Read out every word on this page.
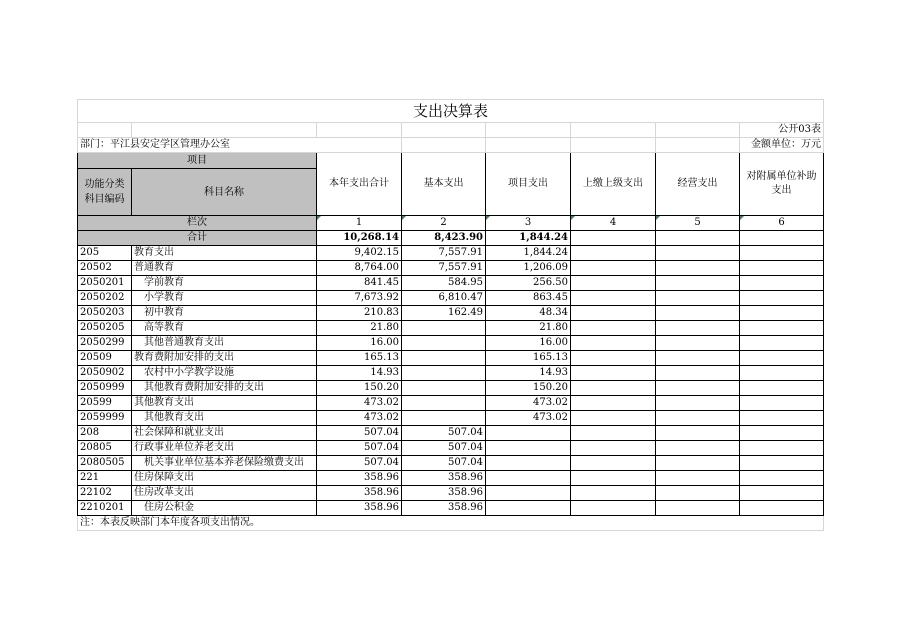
支出决算表							
							公开03表
部门：平江县安定学区管理办公室							金额单位：万元
项目		本年支出合计	基本支出	项目支出	上缴上级支出	经营支出	对附属单位补助
支出
功能分类
科目编码	科目名称						
栏次		1	2	3	4	5	6
合计		10,268.14	8,423.90	1,844.24			
205	教育支出	9,402.15	7,557.91	1,844.24			
20502	普通教育	8,764.00	7,557.91	1,206.09			
2050201	学前教育	841.45	584.95	256.50			
2050202	小学教育	7,673.92	6,810.47	863.45			
2050203	初中教育	210.83	162.49	48.34			
2050205	高等教育	21.80		21.80			
2050299	其他普通教育支出	16.00		16.00			
20509	教育费附加安排的支出	165.13		165.13			
2050902	农村中小学教学设施	14.93		14.93			
2050999	其他教育费附加安排的支出	150.20		150.20			
20599	其他教育支出	473.02		473.02			
2059999	其他教育支出	473.02		473.02			
208	社会保障和就业支出	507.04	507.04				
20805	行政事业单位养老支出	507.04	507.04				
2080505	机关事业单位基本养老保险缴费支出	507.04	507.04				
221	住房保障支出	358.96	358.96				
22102	住房改革支出	358.96	358.96				
2210201	住房公积金	358.96	358.96				
注：本表反映部门本年度各项支出情况。							
